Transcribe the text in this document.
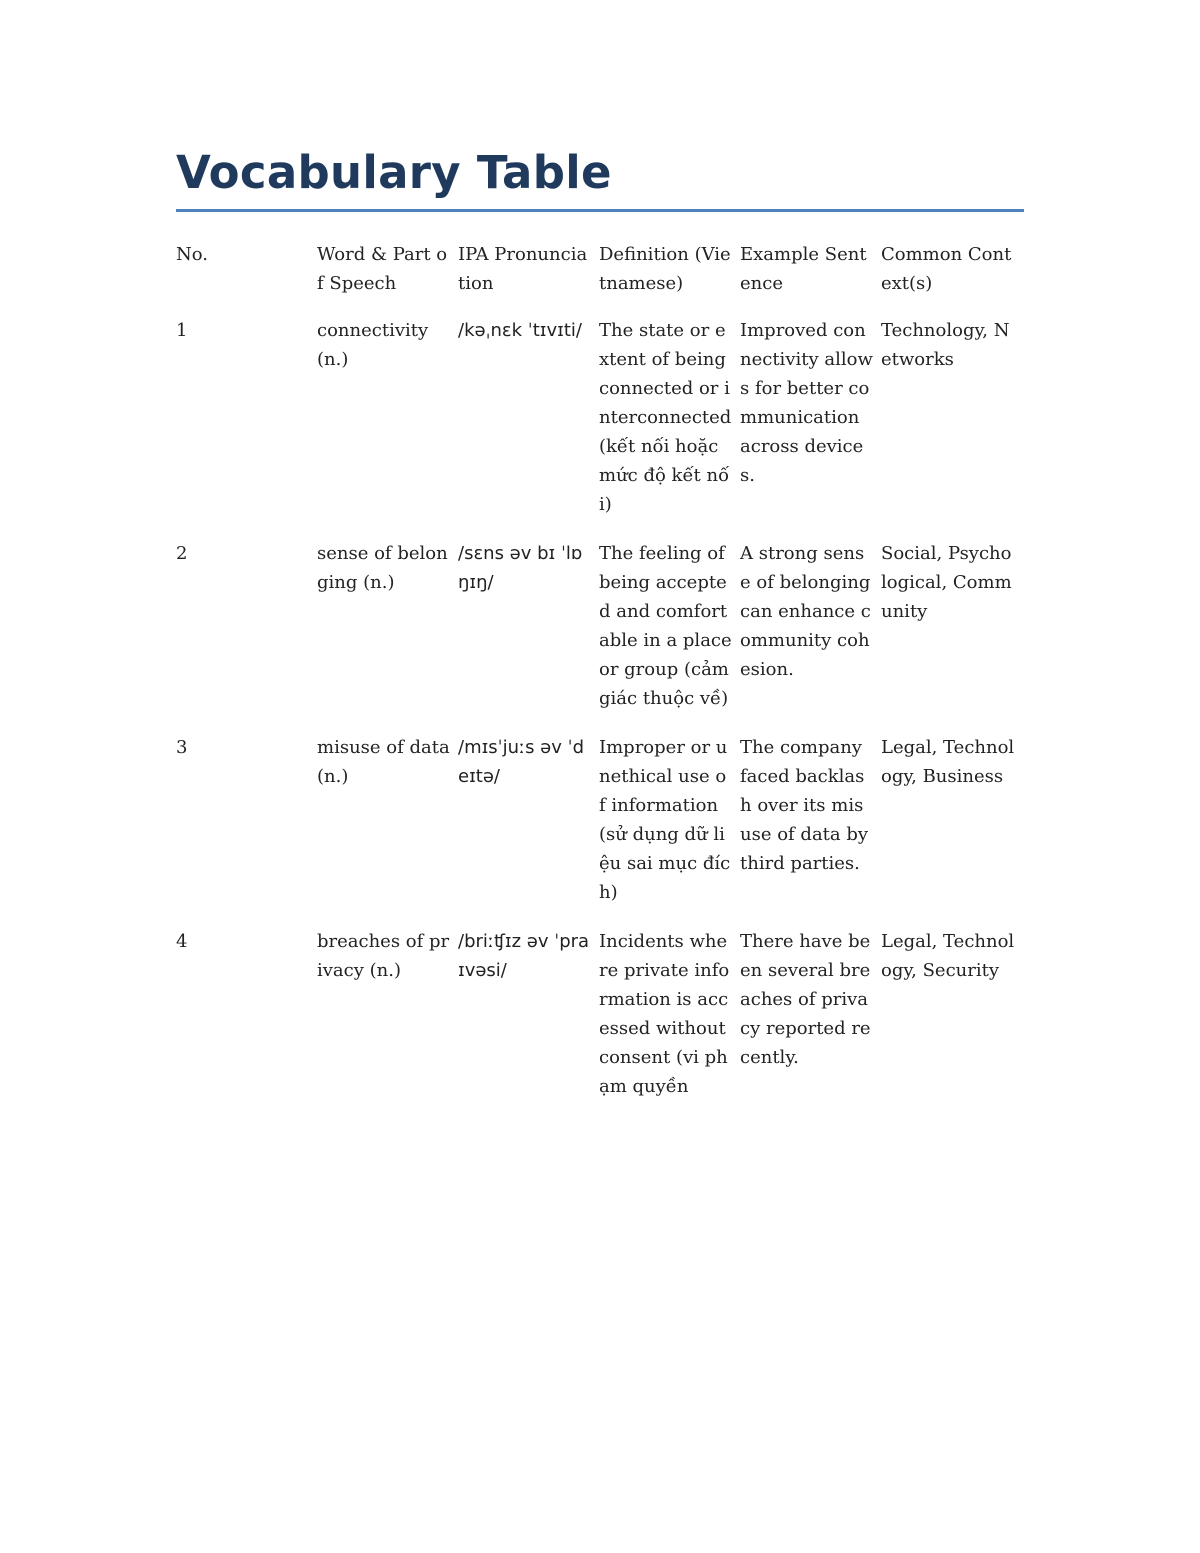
Vocabulary Table
No.	Word & Part of Speech	IPA Pronunciation	Definition (Vietnamese)	Example Sentence	Common Context(s)
1	connectivity (n.)	/kəˌnɛk ˈtɪvɪti/	The state or extent of being connected or interconnected (kết nối hoặc mức độ kết nối)	Improved connectivity allows for better communication across devices.	Technology, Networks
2	sense of belonging (n.)	/sɛns əv bɪ ˈlɒŋɪŋ/	The feeling of being accepted and comfortable in a place or group (cảm giác thuộc về)	A strong sense of belonging can enhance community cohesion.	Social, Psychological, Community
3	misuse of data (n.)	/mɪsˈjuːs əv ˈdeɪtə/	Improper or unethical use of information (sử dụng dữ liệu sai mục đích)	The company faced backlash over its misuse of data by third parties.	Legal, Technology, Business
4	breaches of privacy (n.)	/briːʧɪz əv ˈpraɪvəsi/	Incidents where private information is accessed without consent (vi phạm quyền	There have been several breaches of privacy reported recently.	Legal, Technology, Security
